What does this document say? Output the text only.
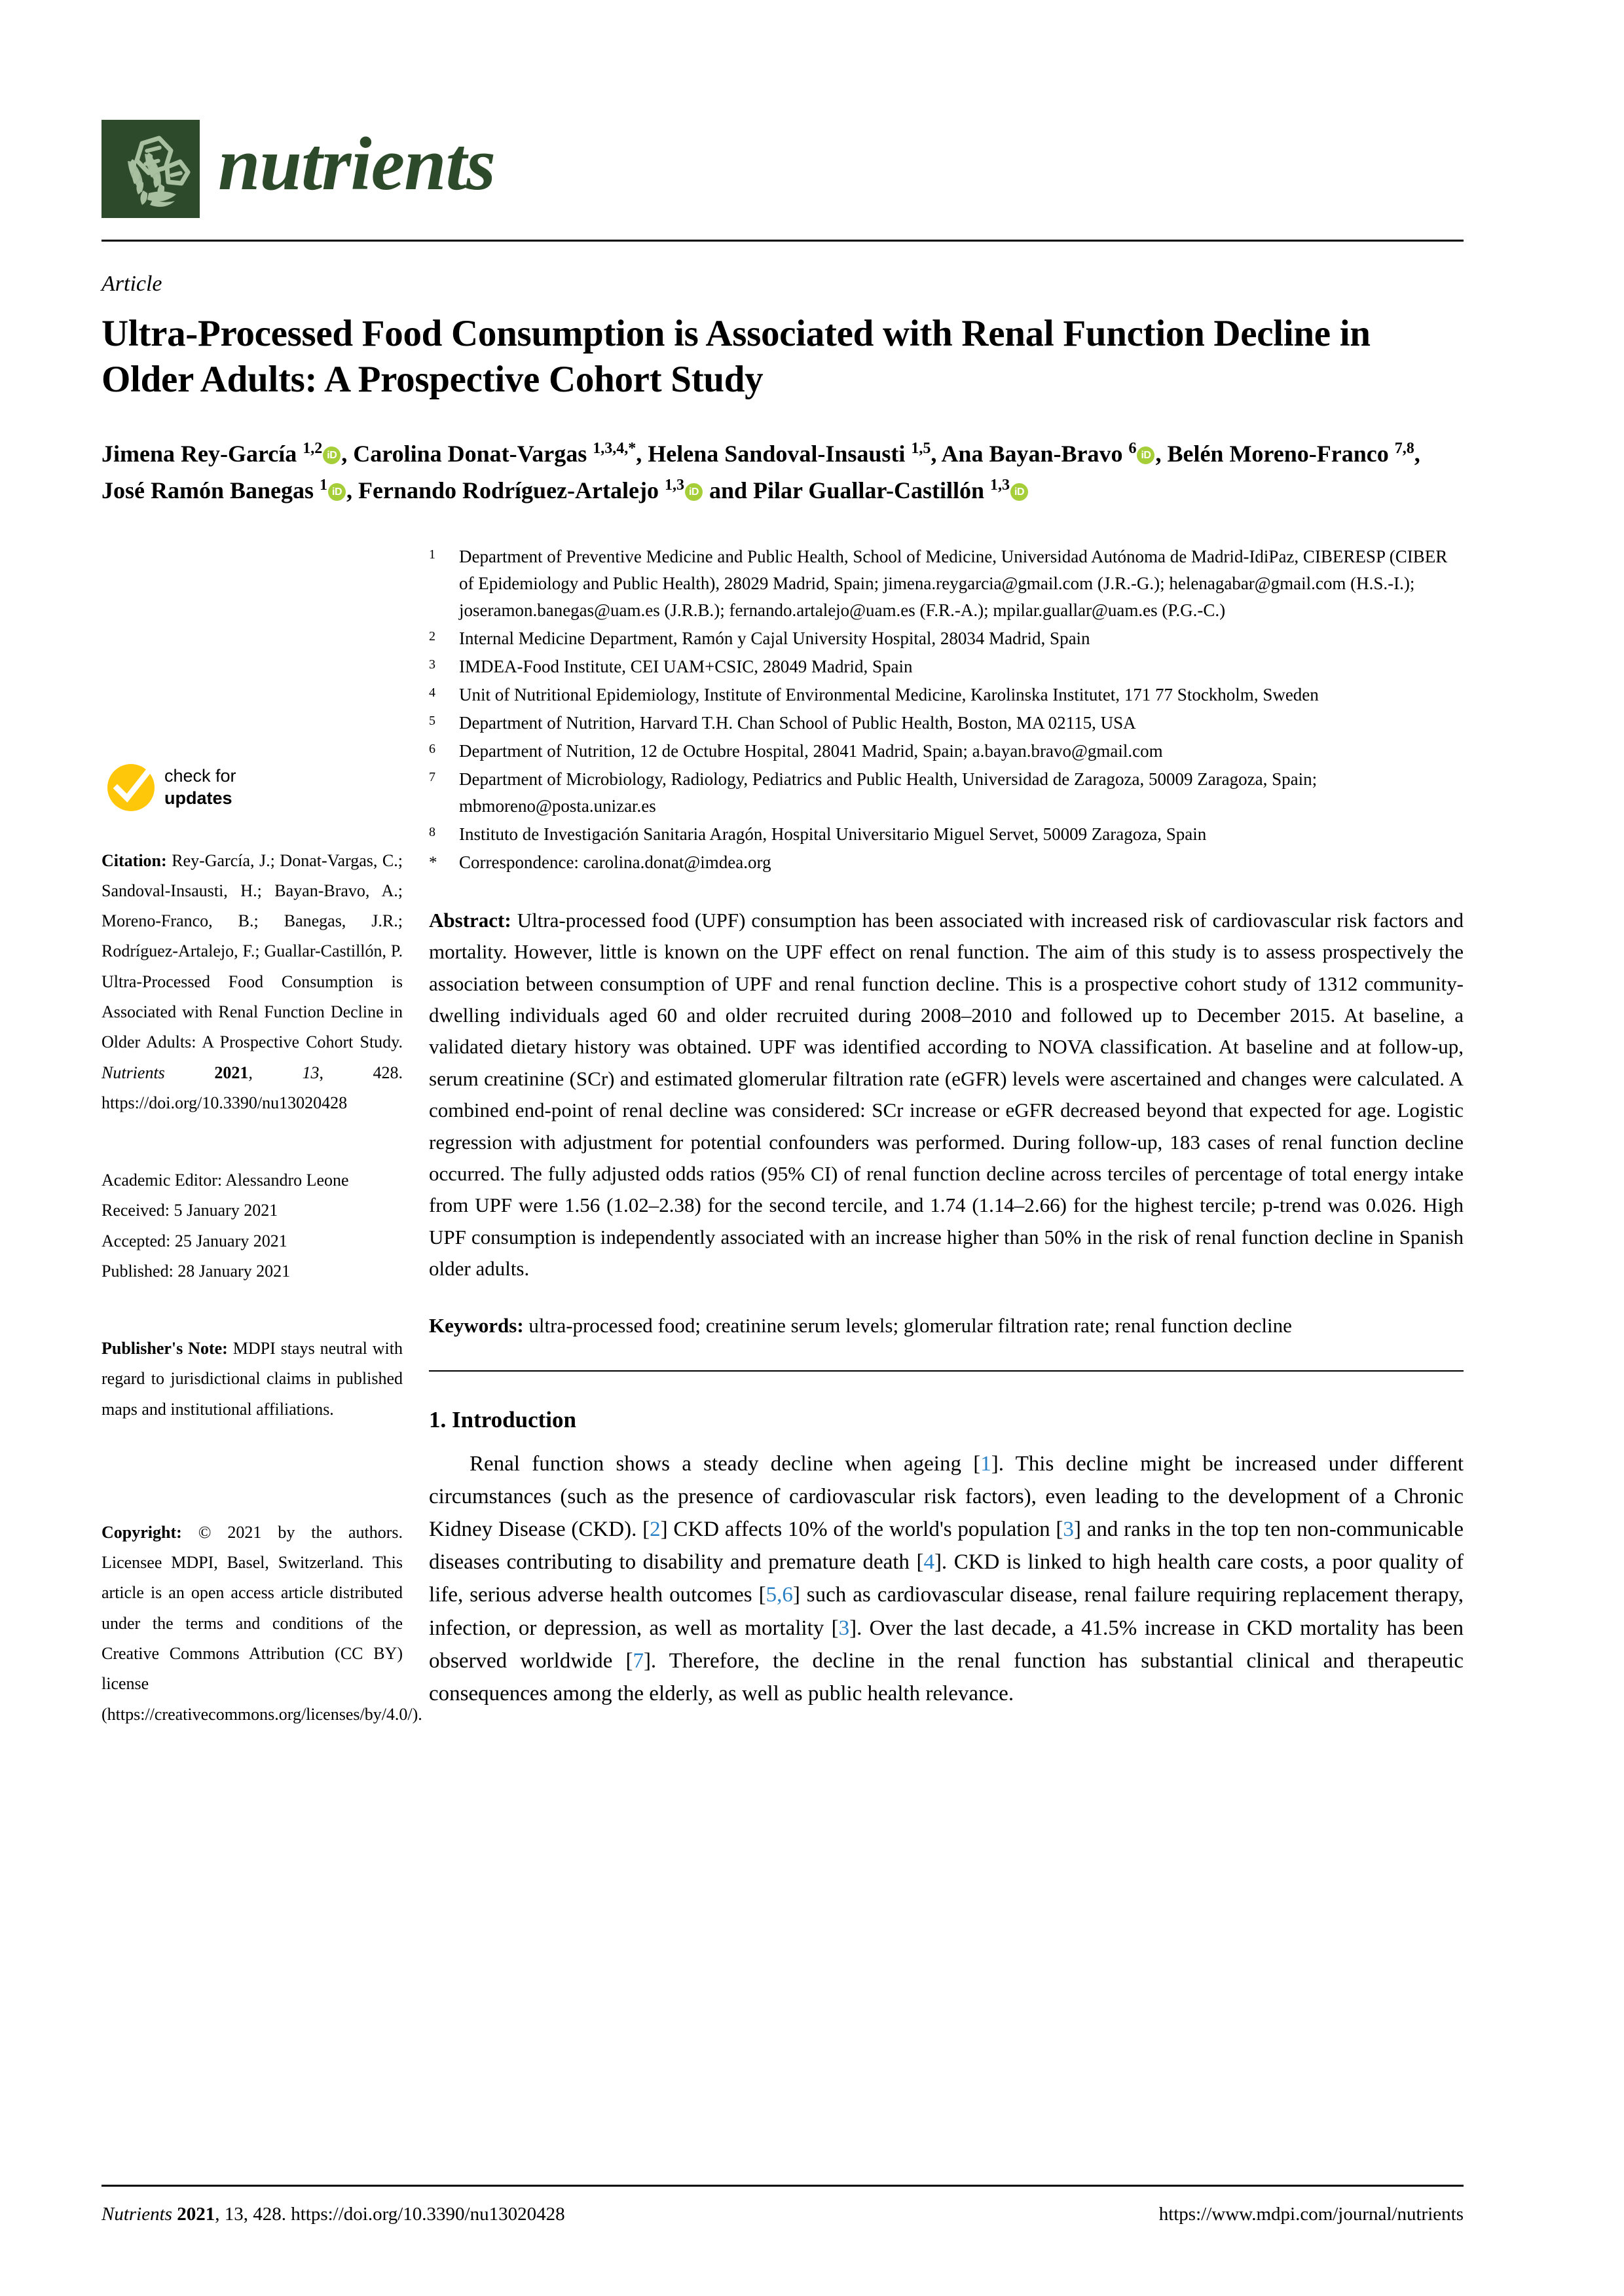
nutrients
Article
Ultra-Processed Food Consumption is Associated with Renal Function Decline in Older Adults: A Prospective Cohort Study
Jimena Rey-García $^{1,2}$ iD , Carolina Donat-Vargas $^{1,3,4,*}$, Helena Sandoval-Insausti $^{1,5}$, Ana Bayan-Bravo $^6$ iD , Belén Moreno-Franco $^{7,8}$, José Ramón Banegas $^1$ iD , Fernando Rodríguez-Artalejo $^{1,3}$ iD and Pilar Guallar-Castillón $^{1,3}$ iD
check for
updates
Citation: Rey-García, J.; Donat-Vargas, C.; Sandoval-Insausti, H.; Bayan-Bravo, A.; Moreno-Franco, B.; Banegas, J.R.; Rodríguez-Artalejo, F.; Guallar-Castillón, P. Ultra-Processed Food Consumption is Associated with Renal Function Decline in Older Adults: A Prospective Cohort Study. Nutrients	2021, 13, 428. https://doi.org/10.3390/nu13020428
Academic Editor: Alessandro Leone
Received: 5 January 2021
Accepted: 25 January 2021
Published: 28 January 2021
Publisher's Note: MDPI stays neutral with regard to jurisdictional claims in published maps and institutional affiliations.
Copyright: © 2021 by the authors. Licensee MDPI, Basel, Switzerland. This article is an open access article distributed under the terms and conditions of the Creative Commons Attribution (CC BY) license (https://creativecommons.org/licenses/by/4.0/).
$^1$	Department of Preventive Medicine and Public Health, School of Medicine, Universidad Autónoma de Madrid-IdiPaz, CIBERESP (CIBER of Epidemiology and Public Health), 28029 Madrid, Spain; jimena.reygarcia@gmail.com (J.R.-G.); helenagabar@gmail.com (H.S.-I.); joseramon.banegas@uam.es (J.R.B.); fernando.artalejo@uam.es (F.R.-A.); mpilar.guallar@uam.es (P.G.-C.)
$^2$	Internal Medicine Department, Ramón y Cajal University Hospital, 28034 Madrid, Spain
$^3$	IMDEA-Food Institute, CEI UAM+CSIC, 28049 Madrid, Spain
$^4$	Unit of Nutritional Epidemiology, Institute of Environmental Medicine, Karolinska Institutet, 171 77 Stockholm, Sweden
$^5$	Department of Nutrition, Harvard T.H. Chan School of Public Health, Boston, MA 02115, USA
$^6$	Department of Nutrition, 12 de Octubre Hospital, 28041 Madrid, Spain; a.bayan.bravo@gmail.com
$^7$	Department of Microbiology, Radiology, Pediatrics and Public Health, Universidad de Zaragoza, 50009 Zaragoza, Spain; mbmoreno@posta.unizar.es
$^8$	Instituto de Investigación Sanitaria Aragón, Hospital Universitario Miguel Servet, 50009 Zaragoza, Spain
*	Correspondence: carolina.donat@imdea.org
Abstract: Ultra-processed food (UPF) consumption has been associated with increased risk of cardiovascular risk factors and mortality. However, little is known on the UPF effect on renal function. The aim of this study is to assess prospectively the association between consumption of UPF and renal function decline. This is a prospective cohort study of 1312 community-dwelling individuals aged 60 and older recruited during 2008–2010 and followed up to December 2015. At baseline, a validated dietary history was obtained. UPF was identified according to NOVA classification. At baseline and at follow-up, serum creatinine (SCr) and estimated glomerular filtration rate (eGFR) levels were ascertained and changes were calculated. A combined end-point of renal decline was considered: SCr increase or eGFR decreased beyond that expected for age. Logistic regression with adjustment for potential confounders was performed. During follow-up, 183 cases of renal function decline occurred. The fully adjusted odds ratios (95% CI) of renal function decline across terciles of percentage of total energy intake from UPF were 1.56 (1.02–2.38) for the second tercile, and 1.74 (1.14–2.66) for the highest tercile; p-trend was 0.026. High UPF consumption is independently associated with an increase higher than 50% in the risk of renal function decline in Spanish older adults.
Keywords: ultra-processed food; creatinine serum levels; glomerular filtration rate; renal function decline
1. Introduction

Renal function shows a steady decline when ageing [1]. This decline might be increased under different circumstances (such as the presence of cardiovascular risk factors), even leading to the development of a Chronic Kidney Disease (CKD). [2] CKD affects 10% of the world's population [3] and ranks in the top ten non-communicable diseases contributing to disability and premature death [4]. CKD is linked to high health care costs, a poor quality of life, serious adverse health outcomes [5,6] such as cardiovascular disease, renal failure requiring replacement therapy, infection, or depression, as well as mortality [3]. Over the last decade, a 41.5% increase in CKD mortality has been observed worldwide [7]. Therefore, the decline in the renal function has substantial clinical and therapeutic consequences among the elderly, as well as public health relevance.

Nutrients 2021, 13, 428. https://doi.org/10.3390/nu13020428	https://www.mdpi.com/journal/nutrients
